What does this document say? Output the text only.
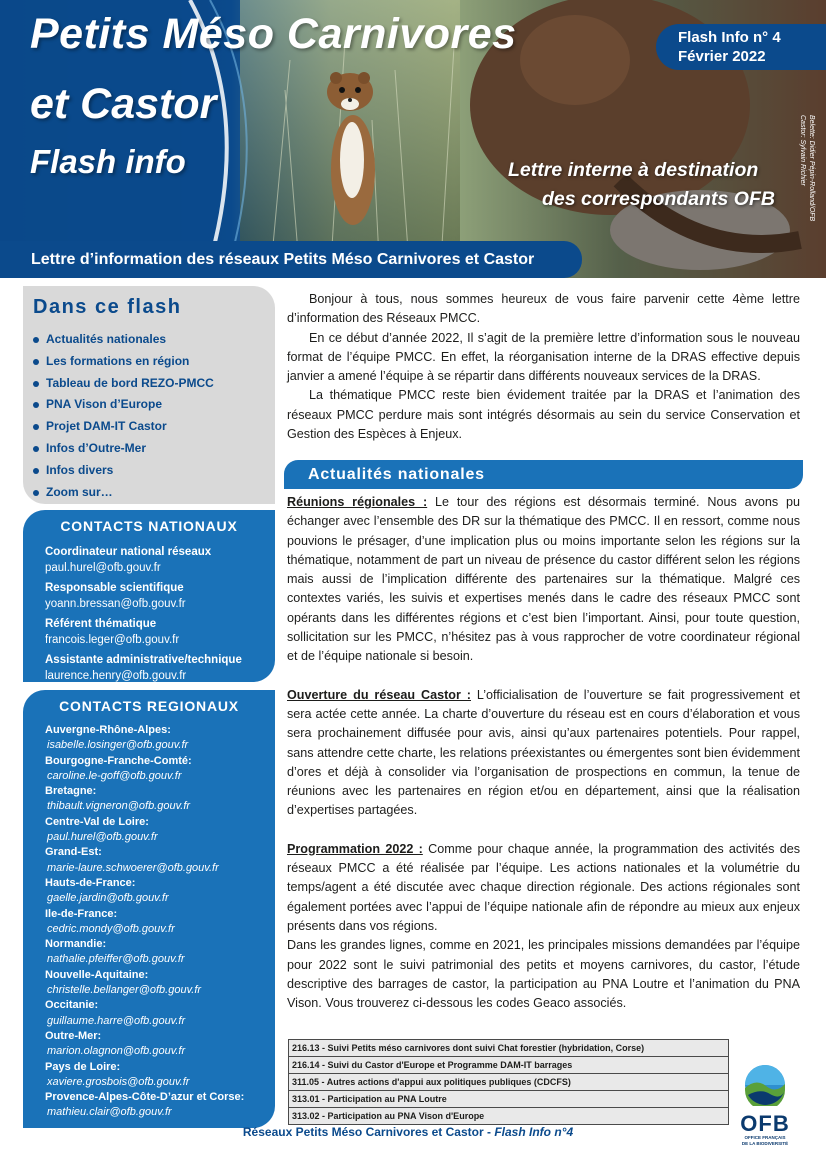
Petits Méso Carnivores
et Castor
Flash info
Flash Info n° 4
Février 2022
Lettre interne à destination
des correspondants OFB	Belette: Didier Pépin-Rolland/OFB
Castor: Sylvain Richier
Lettre d’information des réseaux Petits Méso Carnivores et Castor
Dans ce flash
Actualités nationales
Les formations en région
Tableau de bord REZO-PMCC
PNA Vison d’Europe
Projet DAM-IT Castor
Infos d’Outre-Mer
Infos divers
Zoom sur…
CONTACTS NATIONAUX
Coordinateur national réseaux
paul.hurel@ofb.gouv.fr
Responsable scientifique
yoann.bressan@ofb.gouv.fr
Référent thématique
francois.leger@ofb.gouv.fr
Assistante administrative/technique
laurence.henry@ofb.gouv.fr
CONTACTS REGIONAUX
Auvergne-Rhône-Alpes:
isabelle.losinger@ofb.gouv.fr
Bourgogne-Franche-Comté:
caroline.le-goff@ofb.gouv.fr
Bretagne:
thibault.vigneron@ofb.gouv.fr
Centre-Val de Loire:
paul.hurel@ofb.gouv.fr
Grand-Est:
marie-laure.schwoerer@ofb.gouv.fr
Hauts-de-France:
gaelle.jardin@ofb.gouv.fr
Ile-de-France:
cedric.mondy@ofb.gouv.fr
Normandie:
nathalie.pfeiffer@ofb.gouv.fr
Nouvelle-Aquitaine:
christelle.bellanger@ofb.gouv.fr
Occitanie:
guillaume.harre@ofb.gouv.fr
Outre-Mer:
marion.olagnon@ofb.gouv.fr
Pays de Loire:
xaviere.grosbois@ofb.gouv.fr
Provence-Alpes-Côte-D’azur et Corse:
mathieu.clair@ofb.gouv.fr

Bonjour à tous, nous sommes heureux de vous faire parvenir cette 4ème lettre d’information des Réseaux PMCC.

En ce début d’année 2022, Il s’agit de la première lettre d’information sous le nouveau format de l’équipe PMCC. En effet, la réorganisation interne de la DRAS effective depuis janvier a amené l’équipe à se répartir dans différents nouveaux services de la DRAS.

La thématique PMCC reste bien évidement traitée par la DRAS et l’animation des réseaux PMCC perdure mais sont intégrés désormais au sein du service Conservation et Gestion des Espèces à Enjeux.

Actualités nationales

Réunions régionales : Le tour des régions est désormais terminé. Nous avons pu échanger avec l’ensemble des DR sur la thématique des PMCC. Il en ressort, comme nous pouvions le présager, d’une implication plus ou moins importante selon les régions sur la thématique, notamment de part un niveau de présence du castor différent selon les régions mais aussi de l’implication différente des partenaires sur la thématique. Malgré ces contextes variés, les suivis et expertises menés dans le cadre des réseaux PMCC sont opérants dans les différentes régions et c’est bien l’important. Ainsi, pour toute question, sollicitation sur les PMCC, n’hésitez pas à vous rapprocher de votre coordinateur régional et de l’équipe nationale si besoin.

Ouverture du réseau Castor : L’officialisation de l’ouverture se fait progressivement et sera actée cette année. La charte d’ouverture du réseau est en cours d’élaboration et vous sera prochainement diffusée pour avis, ainsi qu’aux partenaires potentiels. Pour rappel, sans attendre cette charte, les relations préexistantes ou émergentes sont bien évidemment d’ores et déjà à consolider via l’organisation de prospections en commun, la tenue de réunions avec les partenaires en région et/ou en département, ainsi que la réalisation d’expertises partagées.

Programmation 2022 : Comme pour chaque année, la programmation des activités des réseaux PMCC a été réalisée par l’équipe. Les actions nationales et la volumétrie du temps/agent a été discutée avec chaque direction régionale. Des actions régionales sont également portées avec l’appui de l’équipe nationale afin de répondre au mieux aux enjeux présents dans vos régions.

Dans les grandes lignes, comme en 2021, les principales missions demandées par l’équipe pour 2022 sont le suivi patrimonial des petits et moyens carnivores, du castor, l’étude descriptive des barrages de castor, la participation au PNA Loutre et l’animation du PNA Vison. Vous trouverez ci-dessous les codes Geaco associés.

216.13 - Suivi Petits méso carnivores dont suivi Chat forestier (hybridation, Corse)
216.14 - Suivi du Castor d'Europe et Programme DAM-IT barrages
311.05 - Autres actions d'appui aux politiques publiques (CDCFS)
313.01 - Participation au PNA Loutre
313.02 - Participation au PNA Vison d'Europe	OFB
OFFICE FRANÇAIS
DE LA BIODIVERSITÉ
Réseaux Petits Méso Carnivores et Castor - Flash Info n°4
